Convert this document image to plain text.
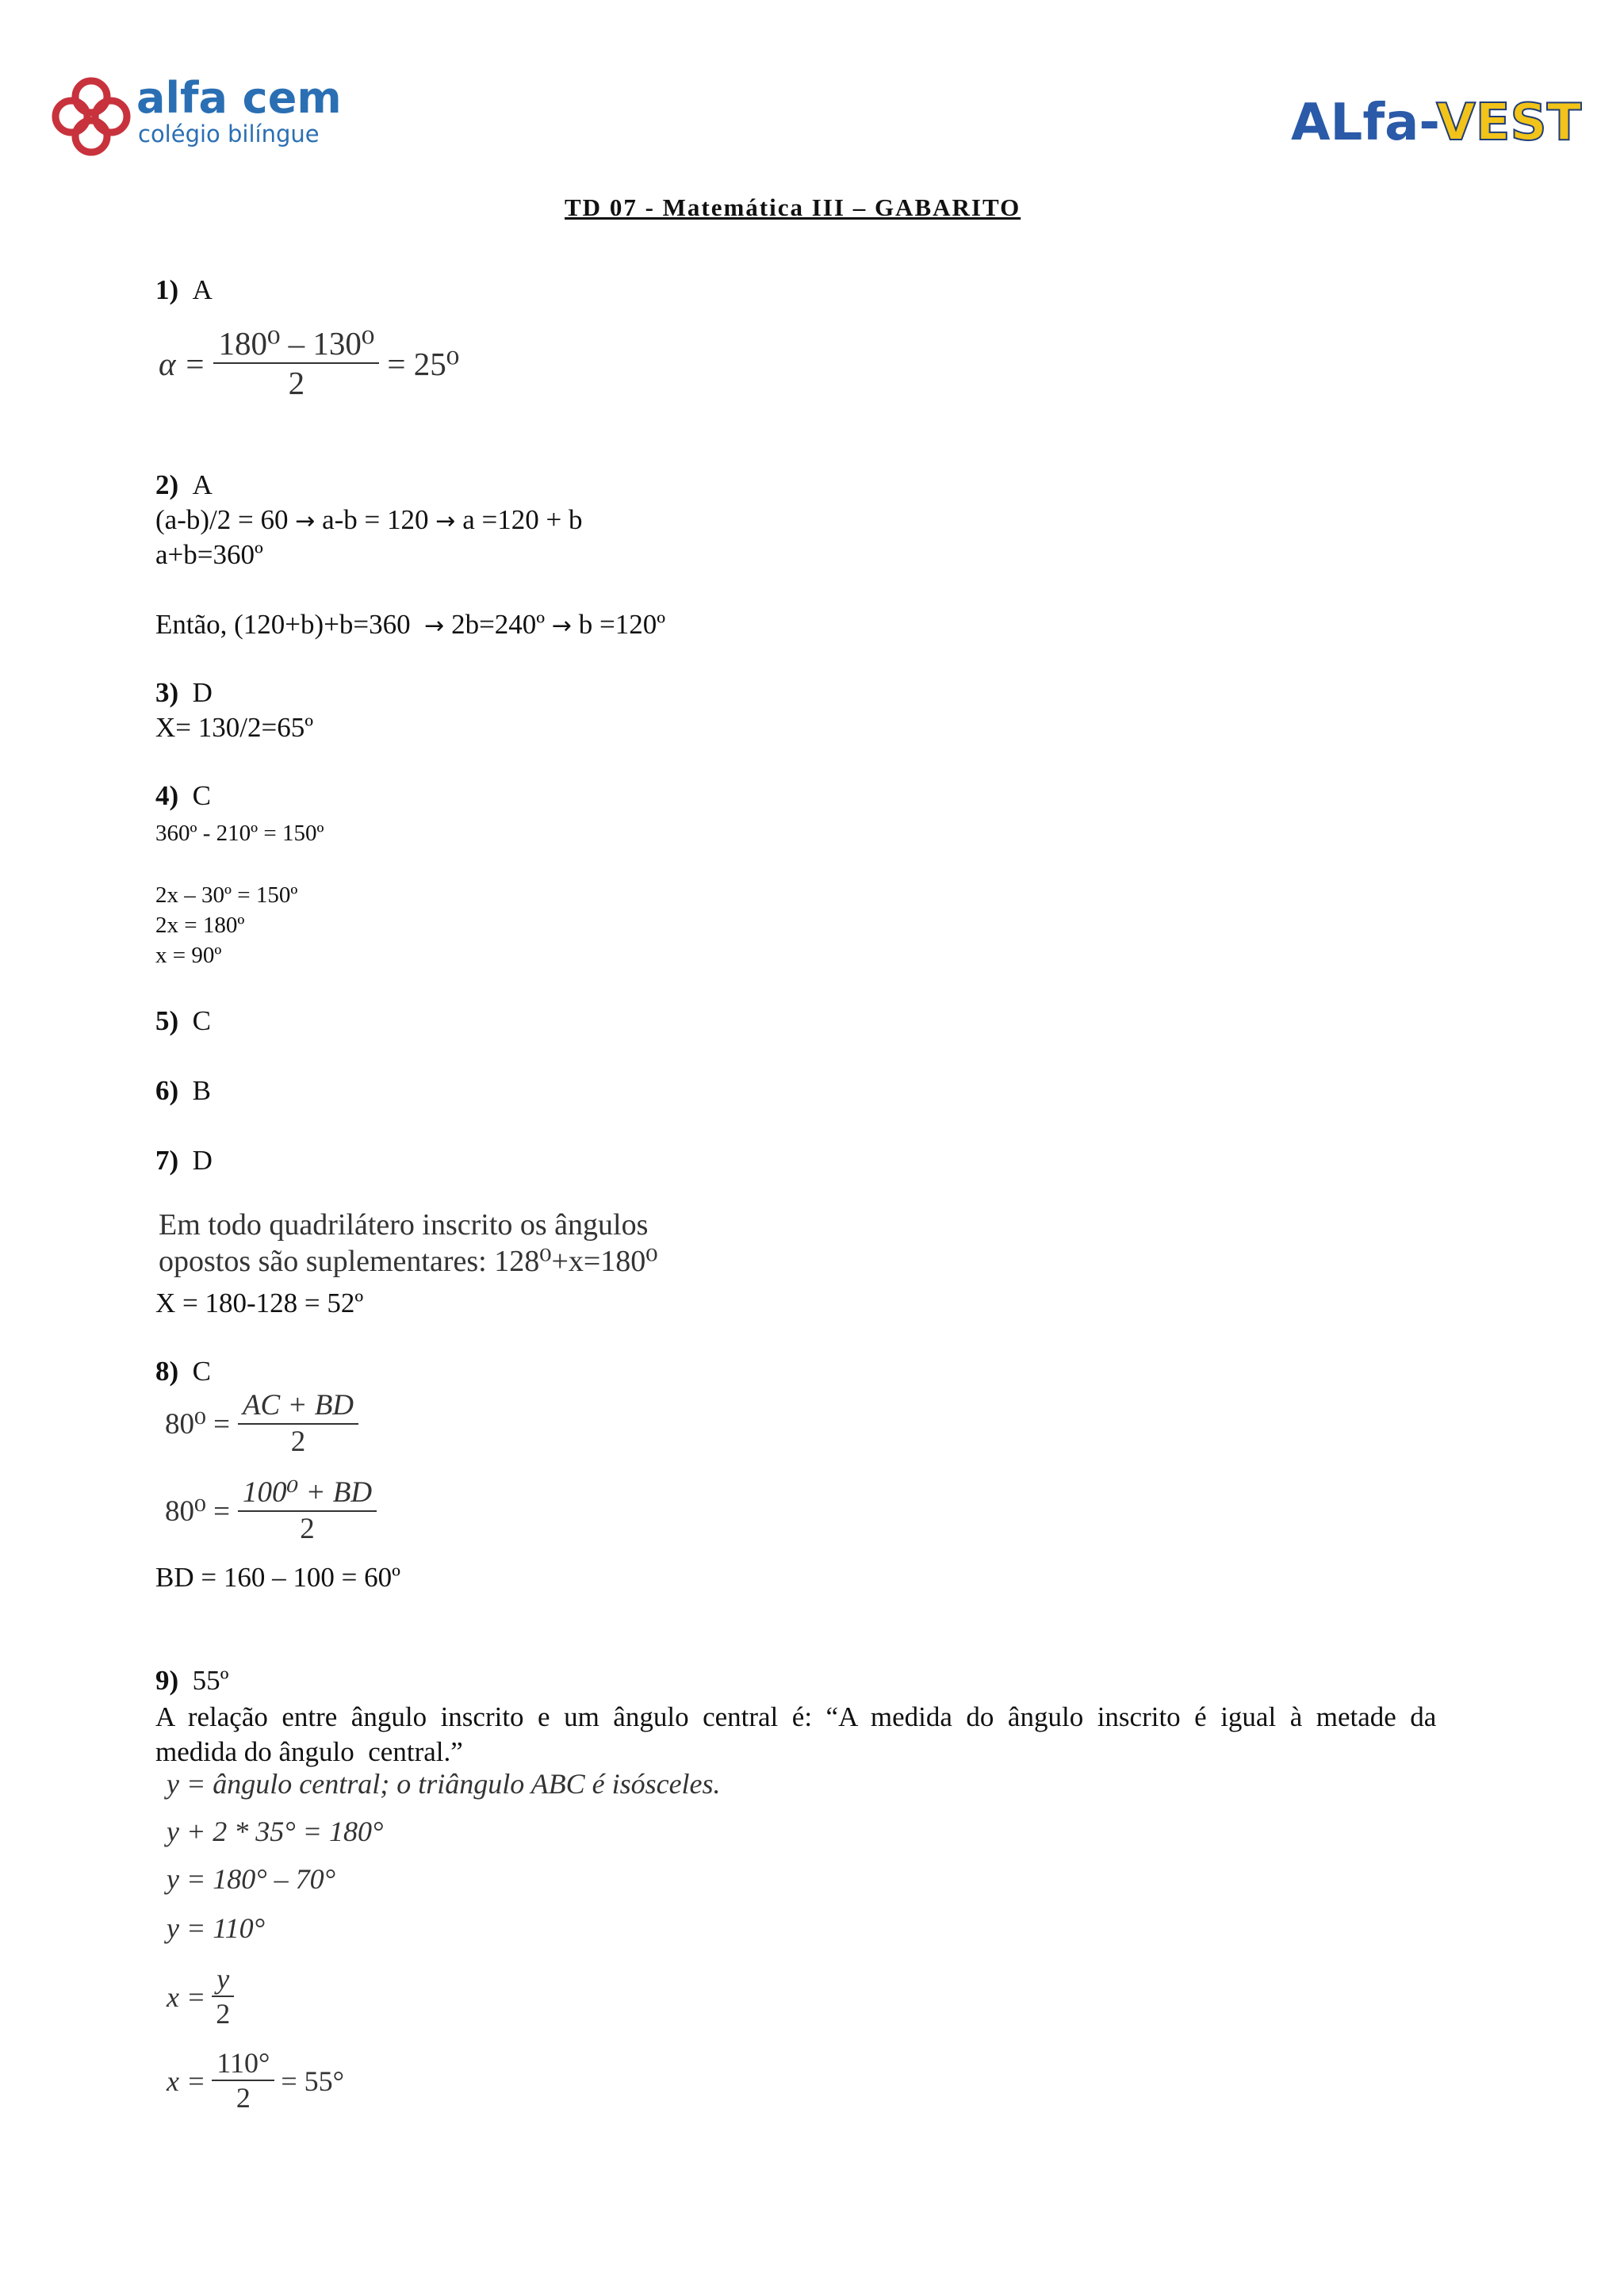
alfa cem
colégio bilíngue	ALfa-VEST
TD 07 - Matemática III – GABARITO
1) A
$\alpha = \frac{\text{180⁰ – 130⁰}}{2} = 25^0$
2) A
(a-b)/2 = 60 → a-b = 120 → a =120 + b
a+b=360º
Então, (120+b)+b=360 → 2b=240º → b =120º
3) D
X= 130/2=65º
4) C
360º - 210º = 150º
2x – 30º = 150º
2x = 180º
x = 90º
5) C
6) B
7) D
Em todo quadrilátero inscrito os ângulos
opostos são suplementares: 128⁰+x=180⁰
X = 180-128 = 52º
8) C
$80^0 = \frac{AC + BD}{2}$
$80^0 = \frac{\text{100⁰ + BD}}{2}$
BD = 160 – 100 = 60º
9) 55º
A  relação  entre  ângulo  inscrito  e  um  ângulo  central  é:  “A  medida  do  ângulo  inscrito  é  igual  à  metade  da
medida do ângulo  central.”
y = ângulo central; o triângulo ABC é isósceles.
y + 2 * 35° = 180°
y = 180° – 70°
y = 110°
$x = \frac{y}{2}$
$x = \frac{110^\circ}{2} = 55^\circ$
